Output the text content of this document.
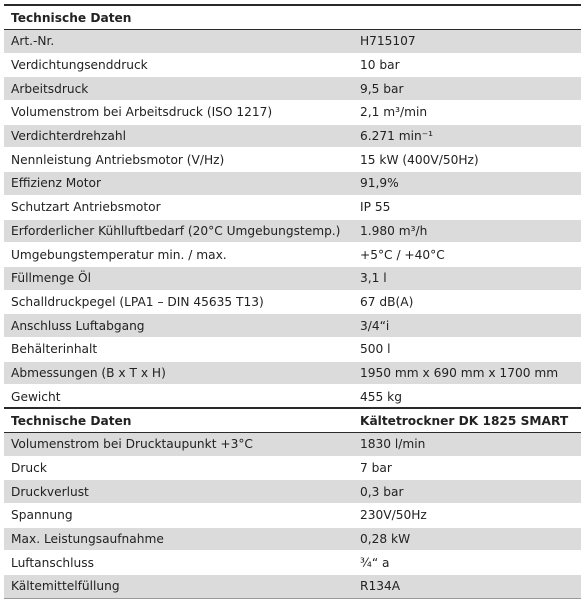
Technische Daten	
Art.-Nr.	H715107
Verdichtungsenddruck	10 bar
Arbeitsdruck	9,5 bar
Volumenstrom bei Arbeitsdruck (ISO 1217)	2,1 m³/min
Verdichterdrehzahl	6.271 min⁻¹
Nennleistung Antriebsmotor (V/Hz)	15 kW (400V/50Hz)
Effizienz Motor	91,9%
Schutzart Antriebsmotor	IP 55
Erforderlicher Kühlluftbedarf (20°C Umgebungstemp.)	1.980 m³/h
Umgebungstemperatur min. / max.	+5°C / +40°C
Füllmenge Öl	3,1 l
Schalldruckpegel (LPA1 – DIN 45635 T13)	67 dB(A)
Anschluss Luftabgang	3/4“i
Behälterinhalt	500 l
Abmessungen (B x T x H)	1950 mm x 690 mm x 1700 mm
Gewicht	455 kg
Technische Daten	Kältetrockner DK 1825 SMART
Volumenstrom bei Drucktaupunkt +3°C	1830 l/min
Druck	7 bar
Druckverlust	0,3 bar
Spannung	230V/50Hz
Max. Leistungsaufnahme	0,28 kW
Luftanschluss	¾“ a
Kältemittelfüllung	R134A
